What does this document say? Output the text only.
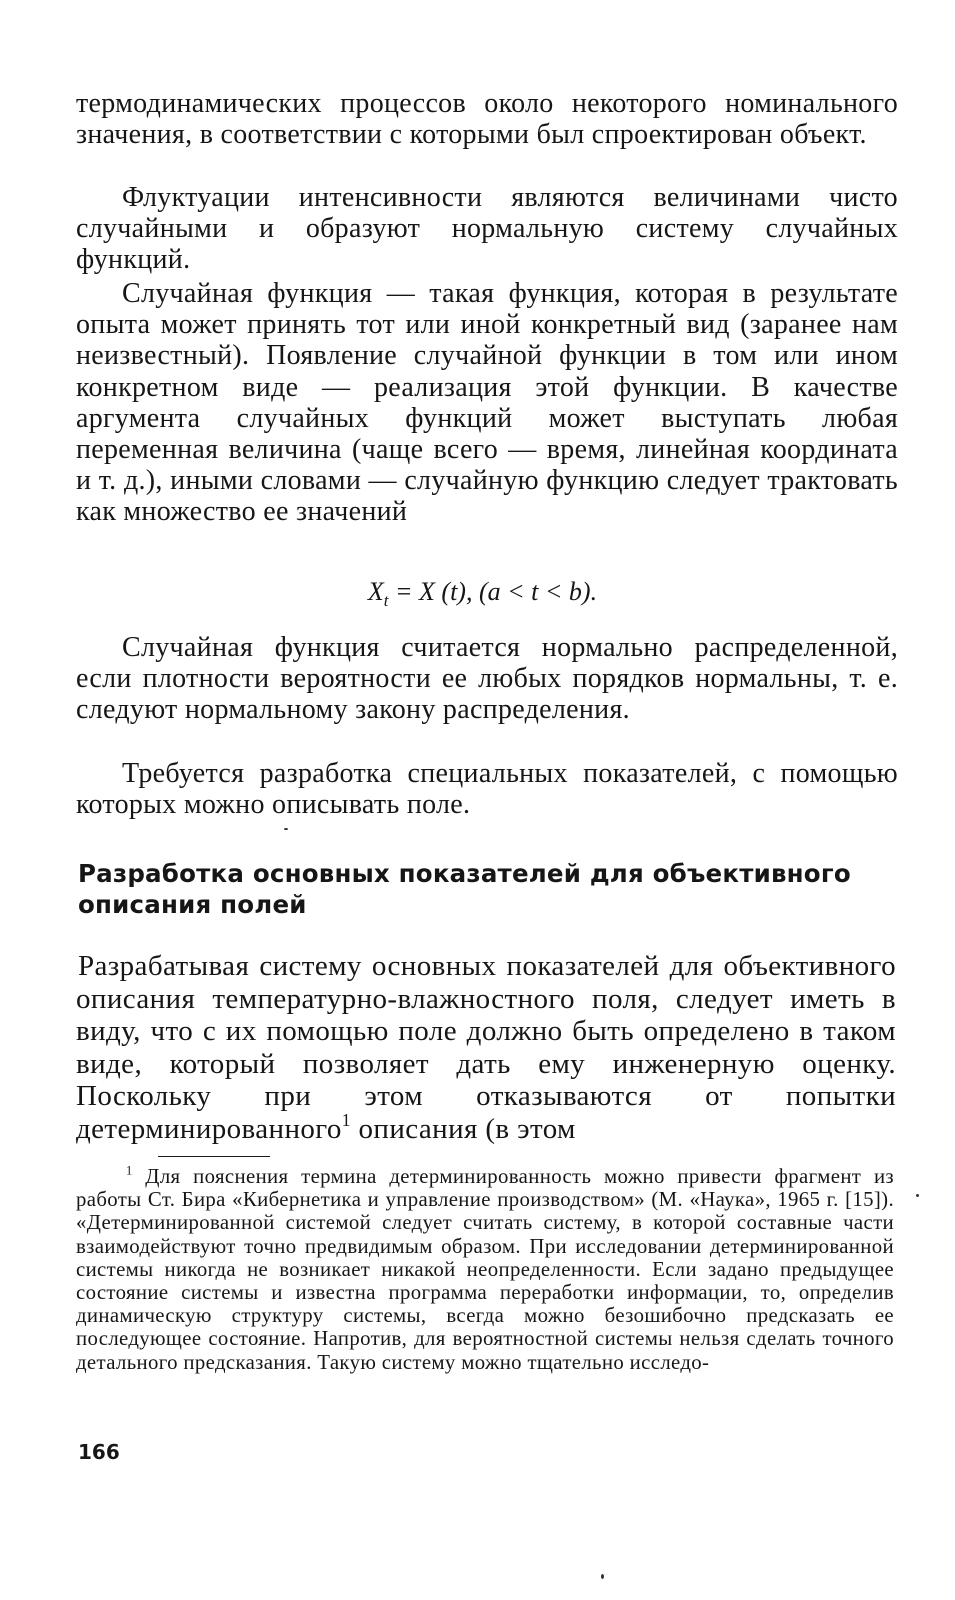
термодинамических процессов около некоторого номинального значения, в соответствии с которыми был спроектирован объект.

Флуктуации интенсивности являются величинами чисто случайными и образуют нормальную систему случайных функций.

Случайная функция — такая функция, которая в результате опыта может принять тот или иной конкретный вид (заранее нам неизвестный). Появление случайной функции в том или ином конкретном виде — реализация этой функции. В качестве аргумента случайных функций может выступать любая переменная величина (чаще всего — время, линейная координата и т. д.), иными словами — случайную функцию следует трактовать как множество ее значений

$X_t = X$ (t), (a < t < b).

Случайная функция считается нормально распределенной, если плотности вероятности ее любых порядков нормальны, т. е. следуют нормальному закону распределения.

Требуется разработка специальных показателей, с помощью которых можно описывать поле.

Разработка основных показателей для объективного описания полей

Разрабатывая систему основных показателей для объективного описания температурно-влажностного поля, следует иметь в виду, что с их помощью поле должно быть определено в таком виде, который позволяет дать ему инженерную оценку. Поскольку при этом отказываются от попытки детерминированного$^1$ описания (в этом

$^1$ Для пояснения термина детерминированность можно привести фрагмент из работы Ст. Бира «Кибернетика и управление производством» (М. «Наука», 1965 г. [15]). «Детерминированной системой следует считать систему, в которой составные части взаимодействуют точно предвидимым образом. При исследовании детерминированной системы никогда не возникает никакой неопределенности. Если задано предыдущее состояние системы и известна программа переработки информации, то, определив динамическую структуру системы, всегда можно безошибочно предсказать ее последующее состояние. Напротив, для вероятностной системы нельзя сделать точного детального предсказания. Такую систему можно тщательно исследо-

166
